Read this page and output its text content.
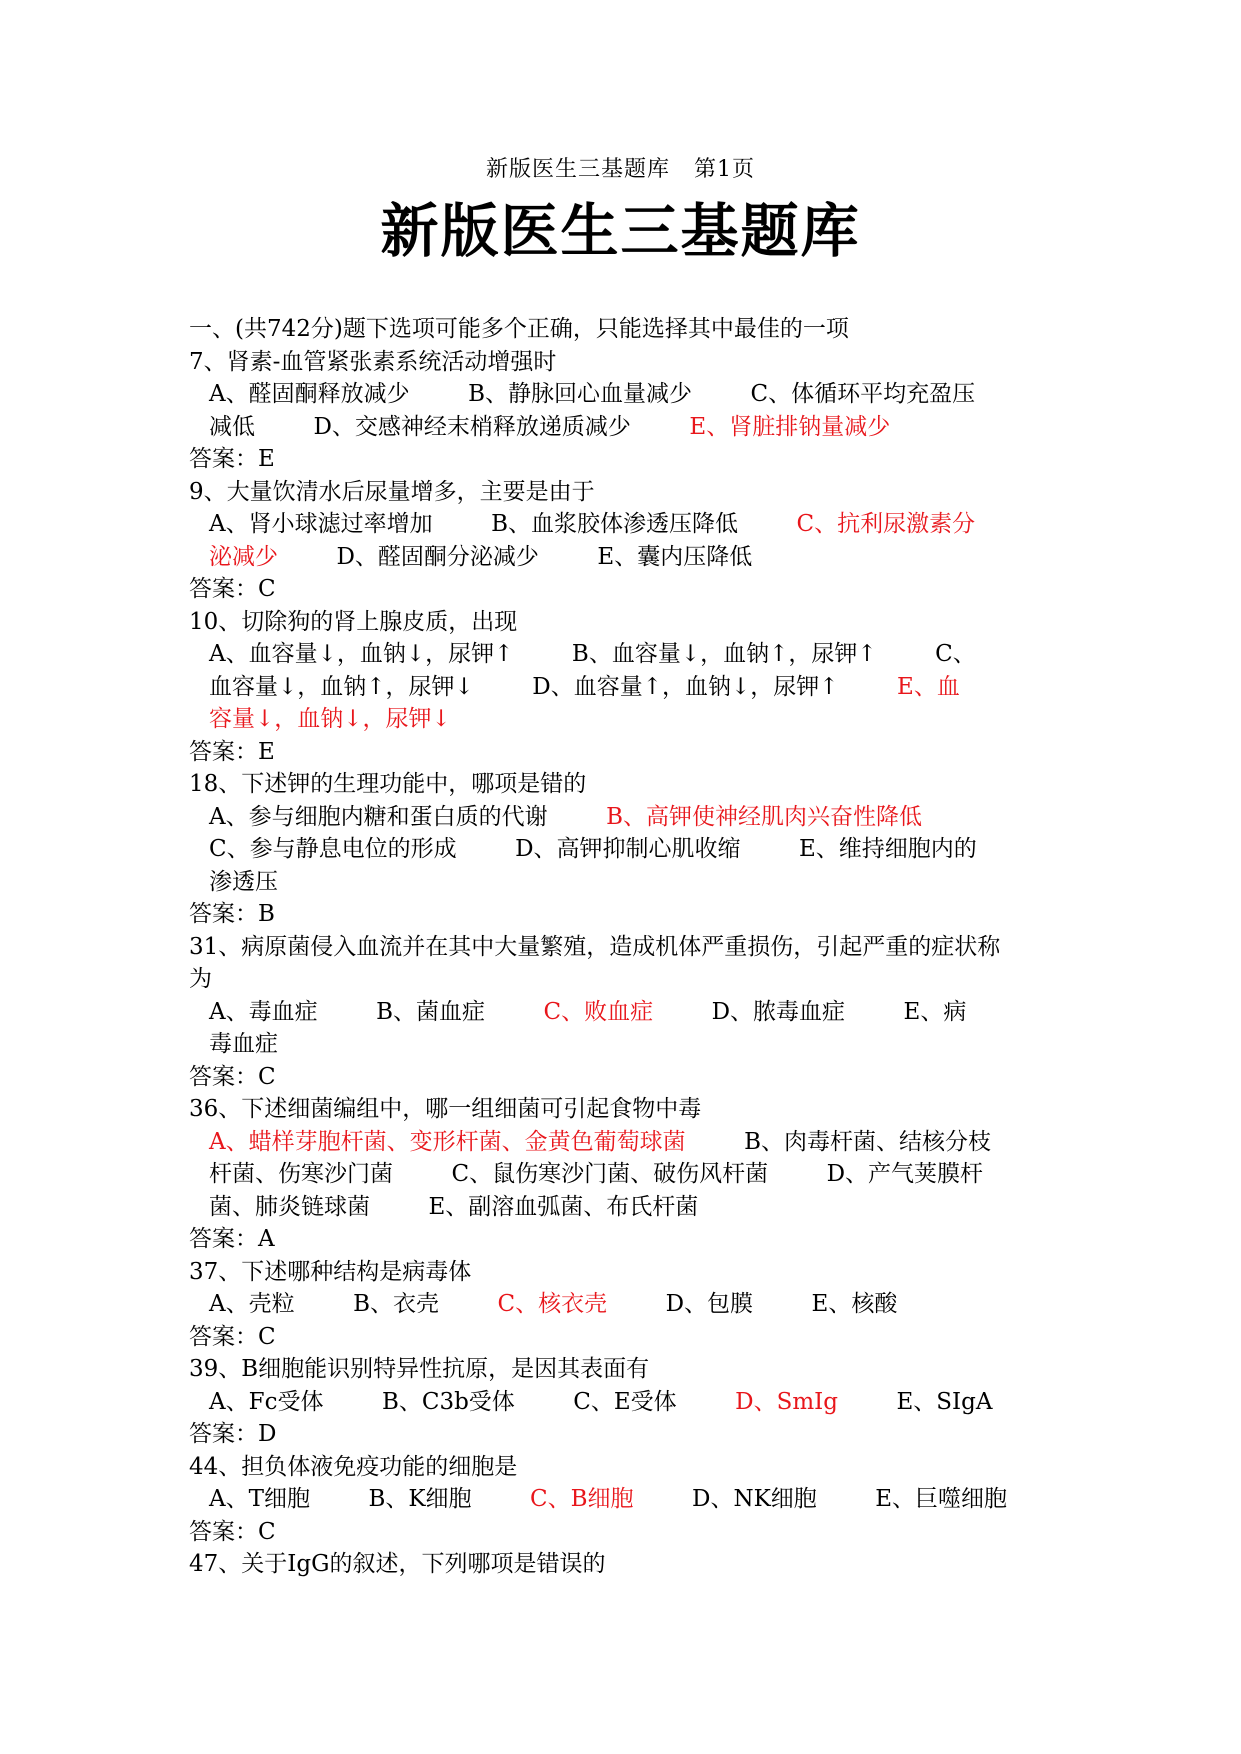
新版医生三基题库 第1页
新版医生三基题库
一、(共742分)题下选项可能多个正确，只能选择其中最佳的一项
7、肾素-血管紧张素系统活动增强时
A、醛固酮释放减少        B、静脉回心血量减少        C、体循环平均充盈压
减低        D、交感神经末梢释放递质减少        E、肾脏排钠量减少
答案：E
9、大量饮清水后尿量增多，主要是由于
A、肾小球滤过率增加        B、血浆胶体渗透压降低        C、抗利尿激素分
泌减少        D、醛固酮分泌减少        E、囊内压降低
答案：C
10、切除狗的肾上腺皮质，出现
A、血容量↓，血钠↓，尿钾↑        B、血容量↓，血钠↑，尿钾↑        C、
血容量↓，血钠↑，尿钾↓        D、血容量↑，血钠↓，尿钾↑        E、血
容量↓，血钠↓，尿钾↓
答案：E
18、下述钾的生理功能中，哪项是错的
A、参与细胞内糖和蛋白质的代谢        B、高钾使神经肌肉兴奋性降低
C、参与静息电位的形成        D、高钾抑制心肌收缩        E、维持细胞内的
渗透压
答案：B
31、病原菌侵入血流并在其中大量繁殖，造成机体严重损伤，引起严重的症状称
为
A、毒血症        B、菌血症        C、败血症        D、脓毒血症        E、病
毒血症
答案：C
36、下述细菌编组中，哪一组细菌可引起食物中毒
A、蜡样芽胞杆菌、变形杆菌、金黄色葡萄球菌        B、肉毒杆菌、结核分枝
杆菌、伤寒沙门菌        C、鼠伤寒沙门菌、破伤风杆菌        D、产气荚膜杆
菌、肺炎链球菌        E、副溶血弧菌、布氏杆菌
答案：A
37、下述哪种结构是病毒体
A、壳粒        B、衣壳        C、核衣壳        D、包膜        E、核酸
答案：C
39、B细胞能识别特异性抗原，是因其表面有
A、Fc受体        B、C3b受体        C、E受体        D、SmIg        E、SIgA
答案：D
44、担负体液免疫功能的细胞是
A、T细胞        B、K细胞        C、B细胞        D、NK细胞        E、巨噬细胞
答案：C
47、关于IgG的叙述，下列哪项是错误的
